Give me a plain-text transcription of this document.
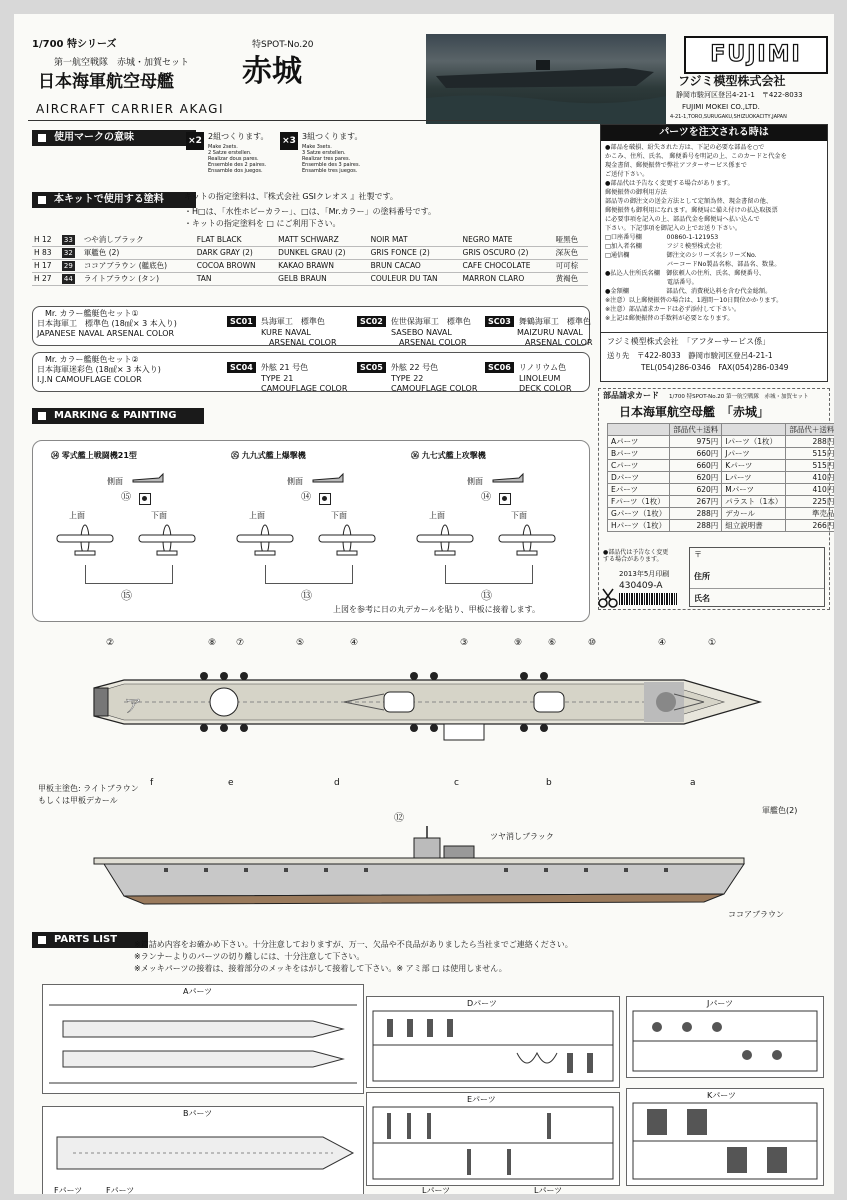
1/700 特シリーズ	特SPOT-No.20
第一航空戦隊　赤城・加賀セット
日本海軍航空母艦 赤城
AIRCRAFT CARRIER AKAGI
FUJIMI
フジミ模型株式会社
静岡市駿河区登呂4-21-1　〒422-8033
FUJIMI MOKEI CO.,LTD.
4-21-1,TORO,SURUGAKU,SHIZUOKACITY,JAPAN
使用マークの意味	×2 2組つくります。
Make 2sets.
2 Satze erstellen.
Realizar dous pares.
Ensemble des 2 paires.
Ensamble dos juegos.
×3 3組つくります。
Make 3sets.
3 Satze erstellen.
Realizar tres pares.
Ensemble des 3 paires.
Ensamble tres juegos.
本キットで使用する塗料	キットの指定塗料は、『株式会社 GSIクレオス 』社製です。
・H□は、「水性ホビーカラー」、□は、「Mr.カラー」の塗料番号です。
・キットの指定塗料を □ にご利用下さい。
H 12	33	つや消しブラック	FLAT BLACK	MATT SCHWARZ	NOIR MAT	NEGRO MATE	哑黑色
H 83	32	軍艦色 (2)	DARK GRAY (2)	DUNKEL GRAU (2)	GRIS FONCE (2)	GRIS OSCURO (2)	深灰色
H 17	29	ココアブラウン (艦底色)	COCOA BROWN	KAKAO BRAWN	BRUN CACAO	CAFE CHOCOLATE	可可棕
H 27	44	ライトブラウン (タン)	TAN	GELB BRAUN	COULEUR DU TAN	MARRON CLARO	黄褐色
Mr. カラー艦艇色セット①
日本海軍工　標準色 (18㎖× 3 本入り)
JAPANESE NAVAL ARSENAL COLOR
SC01 呉海軍工　標準色
KURE NAVAL
ARSENAL COLOR
SC02 佐世保海軍工　標準色
SASEBO NAVAL
ARSENAL COLOR
SC03 舞鶴海軍工　標準色
MAIZURU NAVAL
ARSENAL COLOR
Mr. カラー艦艇色セット②
日本海軍迷彩色 (18㎖× 3 本入り)
I.J.N CAMOUFLAGE COLOR
SC04 外舷 21 号色
TYPE 21
CAMOUFLAGE COLOR
SC05 外舷 22 号色
TYPE 22
CAMOUFLAGE COLOR
SC06 リノリウム色
LINOLEUM
DECK COLOR
パーツを注文される時は
●部品を破損、紛失された方は、下記の必要な部品を○で
かこみ、住所、氏名、 郵便番号を明記の上、このカードと代金を
現金書留、郵便振替で弊社アフターサービス係まで
ご送付下さい。
●部品代は予告なく変更する場合があります。
郵便振替の御利用方法
部品等の御注文の送金方法として定額為替、現金書留の他、
郵便振替も御利用になれます。郵便局に備え付けの払込取扱票
に必要事項を記入の上、部品代金を郵便局へ払い込んで
下さい。下記事項を御記入の上でお送り下さい。
□口座番号欄　　　　00860-1-121953
□加入者名欄　　　　フジミ模型株式会社
□通信欄　　　　　　御注文のシリーズ名シリーズNo.
　　　　　　　　　　バーコードNo製品名称、部品名、数量。
●払込人住所氏名欄　御依頼人の住所、氏名、郵便番号、
　　　　　　　　　　電話番号。
●金額欄　　　　　　部品代、消費税込料を含む代金総額。
※注意）以上郵便振替の場合は、1週間～10日間位かかります。
※注意）部品請求カードは必ず添付して下さい。
※上記は郵便振替の手数料が必要となります。
フジミ模型株式会社　「アフターサービス係」
送り先　 〒422-8033　静岡市駿河区登呂4-21-1
TEL(054)286-0346　FAX(054)286-0349
部品請求カード 1/700 特SPOT-No.20 第一航空戦隊　赤城・加賀セット
日本海軍航空母艦　「赤城」
	部品代＋送料		部品代＋送料
Aパーツ	975円	Iパーツ（1枚）	288円
Bパーツ	660円	Jパーツ	515円
Cパーツ	660円	Kパーツ	515円
Dパーツ	620円	Lパーツ	410円
Eパーツ	620円	Mパーツ	410円
Fパーツ（1枚）	267円	パラスト（1本）	225円
Gパーツ（1枚）	288円	デカール	準売品
Hパーツ（1枚）	288円	組立説明書	266円
●部品代は予告なく変更
する場合があります。
2013年5月印刷
430409-A
〒
住所
氏名
MARKING & PAINTING
㉞ 零式艦上戦闘機21型
側面
⑮
上面	下面
⑮
㉟ 九九式艦上爆撃機
側面
⑭
上面	下面
⑬
㊱ 九七式艦上攻撃機
側面
⑭
上面	下面
⑬
上図を参考に日の丸デカールを貼り、甲板に接着します。
ア
②	⑧ ⑦	⑤	④	③	⑨	⑥	⑩	④	①
f	e	d	c	b	a
甲板主塗色: ライトブラウン
もしくは甲板デカール
ツヤ消しブラック
軍艦色(2)
ココアブラウン
⑫
PARTS LIST	※箱詰め内容をお確かめ下さい。十分注意しておりますが、万一、欠品や不良品がありましたら当社までご連絡ください。
※ランナーよりのパーツの切り離しには、十分注意して下さい。
※メッキパーツの接着は、接着部分のメッキをはがして接着して下さい。※ アミ部 □ は使用しません。
Aパーツ
Bパーツ
Fパーツ	Fパーツ
Dパーツ
Eパーツ
Lパーツ	Lパーツ
Jパーツ
Kパーツ
